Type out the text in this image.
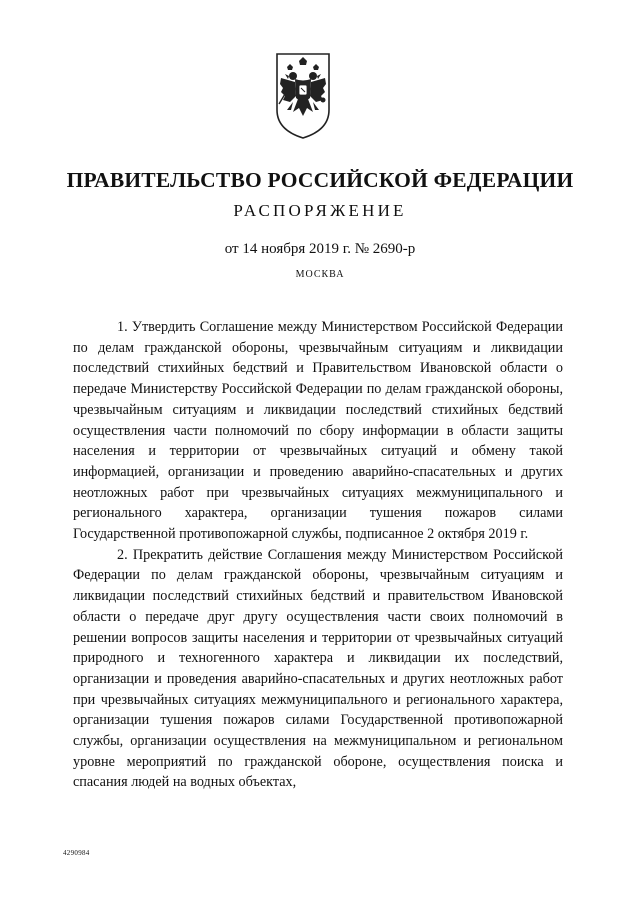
ПРАВИТЕЛЬСТВО РОССИЙСКОЙ ФЕДЕРАЦИИ
РАСПОРЯЖЕНИЕ
от 14 ноября 2019 г. № 2690-р
МОСКВА

1. Утвердить Соглашение между Министерством Российской Федерации по делам гражданской обороны, чрезвычайным ситуациям и ликвидации последствий стихийных бедствий и Правительством Ивановской области о передаче Министерству Российской Федерации по делам гражданской обороны, чрезвычайным ситуациям и ликвидации последствий стихийных бедствий осуществления части полномочий по сбору информации в области защиты населения и территории от чрезвычайных ситуаций и обмену такой информацией, организации и проведению аварийно-спасательных и других неотложных работ при чрезвычайных ситуациях межмуниципального и регионального характера, организации тушения пожаров силами Государственной противопожарной службы, подписанное 2 октября 2019 г.

2. Прекратить действие Соглашения между Министерством Российской Федерации по делам гражданской обороны, чрезвычайным ситуациям и ликвидации последствий стихийных бедствий и правительством Ивановской области о передаче друг другу осуществления части своих полномочий в решении вопросов защиты населения и территории от чрезвычайных ситуаций природного и техногенного характера и ликвидации их последствий, организации и проведения аварийно-спасательных и других неотложных работ при чрезвычайных ситуациях межмуниципального и регионального характера, организации тушения пожаров силами Государственной противопожарной службы, организации осуществления на межмуниципальном и региональном уровне мероприятий по гражданской обороне, осуществления поиска и спасания людей на водных объектах,

4290984
